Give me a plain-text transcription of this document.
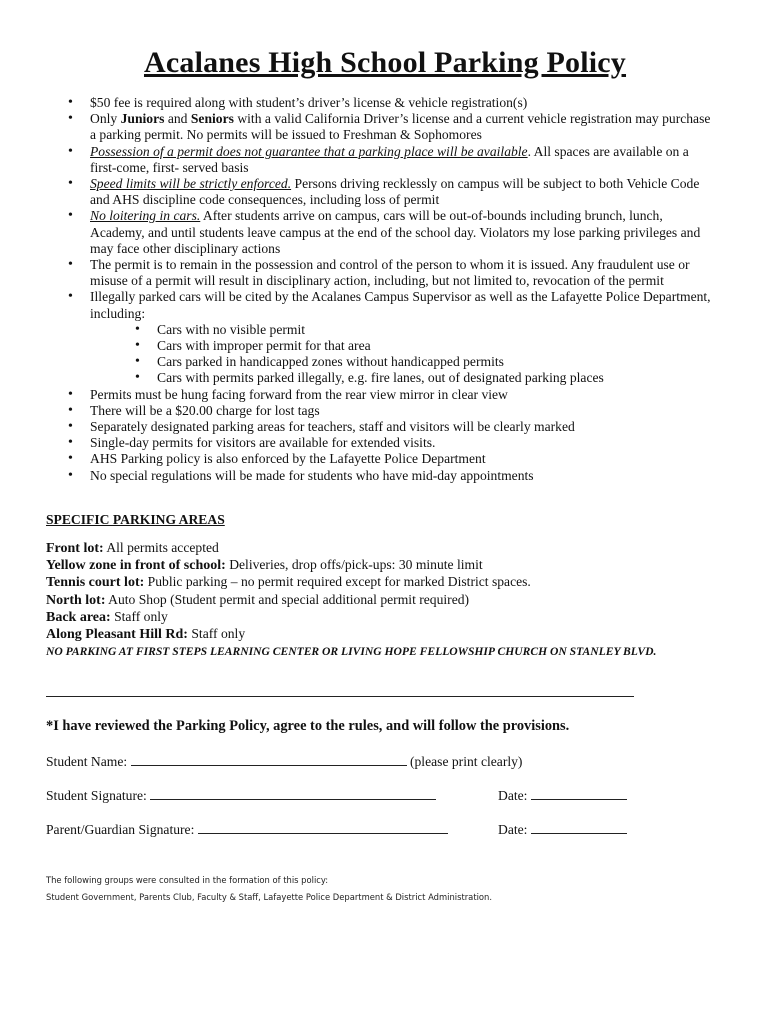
Acalanes High School Parking Policy
• $50 fee is required along with student’s driver’s license & vehicle registration(s)
• Only Juniors and Seniors with a valid California Driver’s license and a current vehicle registration may purchase a parking permit. No permits will be issued to Freshman & Sophomores
• Possession of a permit does not guarantee that a parking place will be available. All spaces are available on a first-come, first- served basis
• Speed limits will be strictly enforced. Persons driving recklessly on campus will be subject to both Vehicle Code and AHS discipline code consequences, including loss of permit
• No loitering in cars. After students arrive on campus, cars will be out-of-bounds including brunch, lunch, Academy, and until students leave campus at the end of the school day. Violators my lose parking privileges and may face other disciplinary actions
• The permit is to remain in the possession and control of the person to whom it is issued. Any fraudulent use or misuse of a permit will result in disciplinary action, including, but not limited to, revocation of the permit
• Illegally parked cars will be cited by the Acalanes Campus Supervisor as well as the Lafayette Police Department, including:
• Cars with no visible permit
• Cars with improper permit for that area
• Cars parked in handicapped zones without handicapped permits
• Cars with permits parked illegally, e.g. fire lanes, out of designated parking places
• Permits must be hung facing forward from the rear view mirror in clear view
• There will be a $20.00 charge for lost tags
• Separately designated parking areas for teachers, staff and visitors will be clearly marked
• Single-day permits for visitors are available for extended visits.
• AHS Parking policy is also enforced by the Lafayette Police Department
• No special regulations will be made for students who have mid-day appointments

SPECIFIC PARKING AREAS

Front lot: All permits accepted
Yellow zone in front of school: Deliveries, drop offs/pick-ups: 30 minute limit
Tennis court lot: Public parking – no permit required except for marked District spaces.
North lot: Auto Shop (Student permit and special additional permit required)
Back area: Staff only
Along Pleasant Hill Rd: Staff only
NO PARKING AT FIRST STEPS LEARNING CENTER OR LIVING HOPE FELLOWSHIP CHURCH ON STANLEY BLVD.

*I have reviewed the Parking Policy, agree to the rules, and will follow the provisions.

Student Name:	(please print clearly)
Student Signature:	Date:
Parent/Guardian Signature:	Date:
The following groups were consulted in the formation of this policy:
Student Government, Parents Club, Faculty & Staff, Lafayette Police Department & District Administration.
